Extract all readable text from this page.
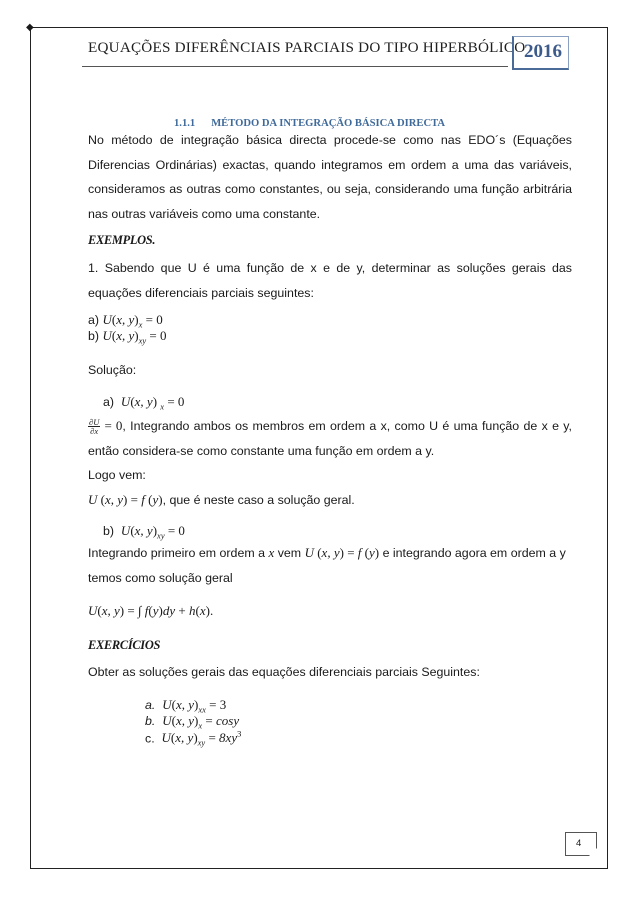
◆
EQUAÇÕES DIFERÊNCIAIS PARCIAIS DO TIPO HIPERBÓLICO
2016
1.1.1 MÉTODO DA INTEGRAÇÃO BÁSICA DIRECTA
No método de integração básica directa procede-se como nas EDO´s (Equações Diferencias Ordinárias) exactas, quando integramos em ordem a uma das variáveis, consideramos as outras como constantes, ou seja, considerando uma função arbitrária nas outras variáveis como uma constante.
EXEMPLOS.
1. Sabendo que U é uma função de x e de y, determinar as soluções gerais das equações diferenciais parciais seguintes:
a) U(x, $y)_x = 0$
b) U(x, $y)_{xy} = 0$
Solução:
a) U(x, y) $_x$ = 0
$\frac{\partial U}{\partial x} = 0$, Integrando ambos os membros em ordem a x, como U é uma função de x e y, então considera-se como constante uma função em ordem a y.
Logo vem:
U (x, y) = f (y), que é neste caso a solução geral.
b) U(x, $y)_{xy} = 0$
Integrando primeiro em ordem a x vem U (x, y) = f (y) e integrando agora em ordem a y temos como solução geral
U(x, y) = ∫ f(y)dy + h(x).
EXERCÍCIOS
Obter as soluções gerais das equações diferenciais parciais Seguintes:
a. U(x, $y)_{xx} = 3$
b. U(x, $y)_x = \cos y$
c. U(x, $y)_{xy} = 8xy^3$
4
